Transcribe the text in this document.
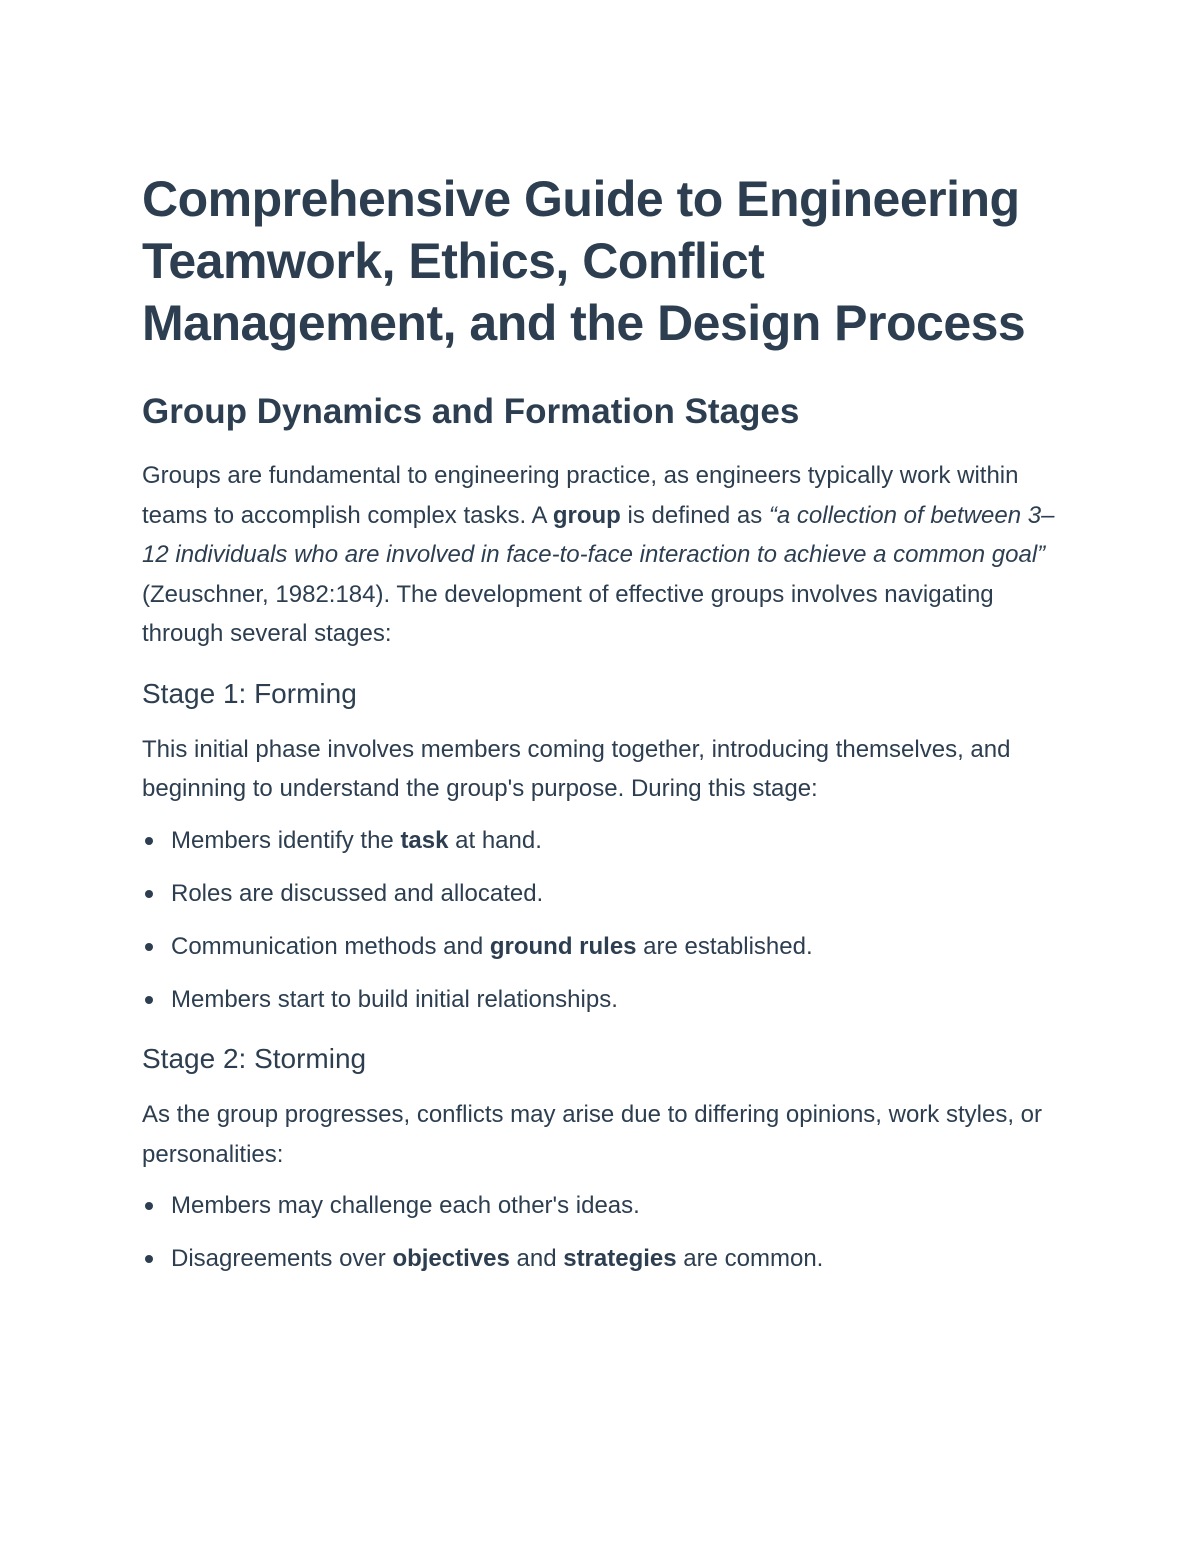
Comprehensive Guide to Engineering Teamwork, Ethics, Conflict Management, and the Design Process
Group Dynamics and Formation Stages

Groups are fundamental to engineering practice, as engineers typically work within teams to accomplish complex tasks. A group is defined as “a collection of between 3–12 individuals who are involved in face-to-face interaction to achieve a common goal” (Zeuschner, 1982:184). The development of effective groups involves navigating through several stages:

Stage 1: Forming

This initial phase involves members coming together, introducing themselves, and beginning to understand the group's purpose. During this stage:

Members identify the task at hand.
Roles are discussed and allocated.
Communication methods and ground rules are established.
Members start to build initial relationships.
Stage 2: Storming

As the group progresses, conflicts may arise due to differing opinions, work styles, or personalities:

Members may challenge each other's ideas.
Disagreements over objectives and strategies are common.
